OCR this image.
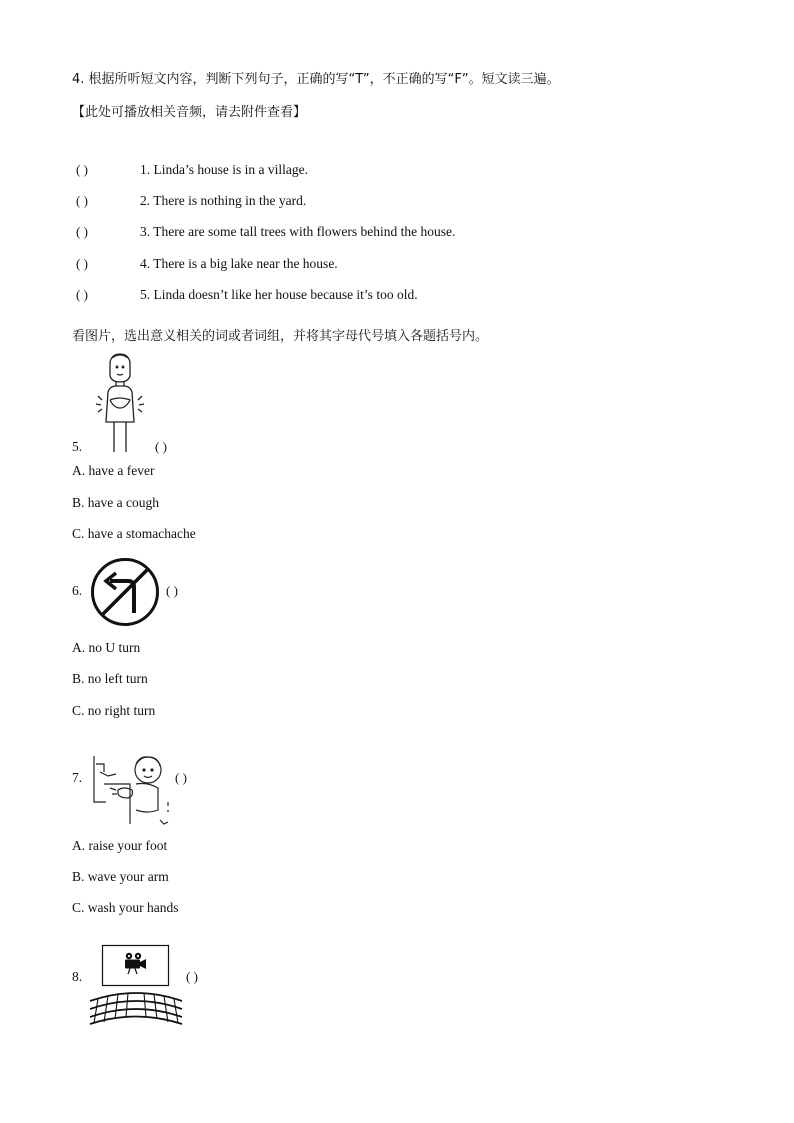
4. 根据所听短文内容，判断下列句子，正确的写“T”，不正确的写“F”。短文读三遍。
【此处可播放相关音频，请去附件查看】
( )	1. Linda’s house is in a village.
( )	2. There is nothing in the yard.
( )	3. There are some tall trees with flowers behind the house.
( )	4. There is a big lake near the house.
( )	5. Linda doesn’t like her house because it’s too old.
看图片，选出意义相关的词或者词组，并将其字母代号填入各题括号内。
5.	( )
A. have a fever
B. have a cough
C. have a stomachache
6.	( )
A. no U turn
B. no left turn
C. no right turn
7.	( )
A. raise your foot
B. wave your arm
C. wash your hands
8.	( )
